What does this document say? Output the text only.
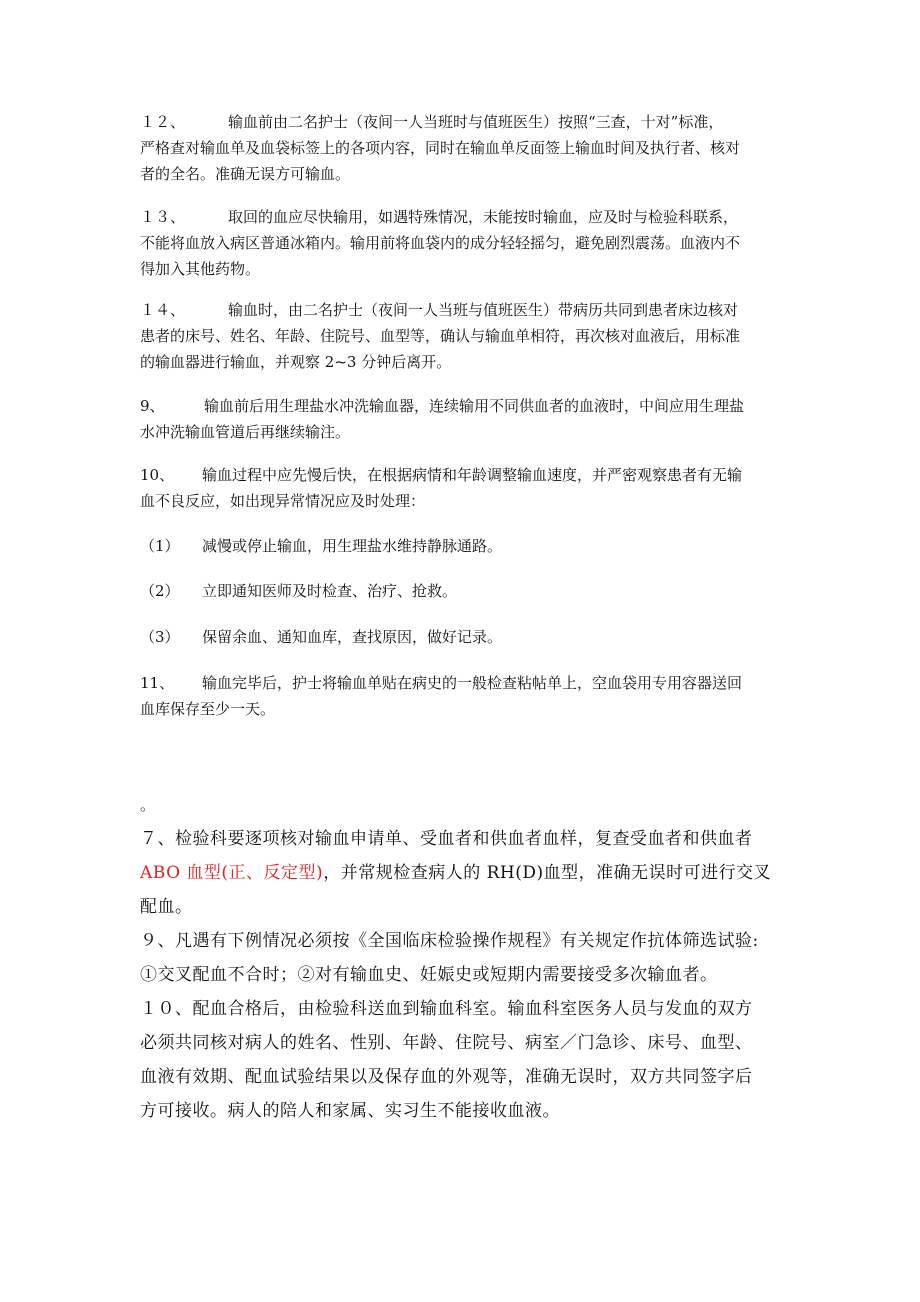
１２、	输血前由二名护士（夜间一人当班时与值班医生）按照“三查，十对”标准，
严格查对输血单及血袋标签上的各项内容，同时在输血单反面签上输血时间及执行者、核对
者的全名。准确无误方可输血。
１３、	取回的血应尽快输用，如遇特殊情况，未能按时输血，应及时与检验科联系，
不能将血放入病区普通冰箱内。输用前将血袋内的成分轻轻摇匀，避免剧烈震荡。血液内不
得加入其他药物。
１４、	输血时，由二名护士（夜间一人当班与值班医生）带病历共同到患者床边核对
患者的床号、姓名、年龄、住院号、血型等，确认与输血单相符，再次核对血液后，用标准
的输血器进行输血，并观察 2~3 分钟后离开。
9、	输血前后用生理盐水冲洗输血器，连续输用不同供血者的血液时，中间应用生理盐
水冲洗输血管道后再继续输注。
10、 输血过程中应先慢后快，在根据病情和年龄调整输血速度，并严密观察患者有无输
血不良反应，如出现异常情况应及时处理：
（1） 减慢或停止输血，用生理盐水维持静脉通路。
（2） 立即通知医师及时检查、治疗、抢救。
（3） 保留余血、通知血库，查找原因，做好记录。
11、 输血完毕后，护士将输血单贴在病史的一般检查粘帖单上，空血袋用专用容器送回
血库保存至少一天。
。
７、检验科要逐项核对输血申请单、受血者和供血者血样，复查受血者和供血者
ABO 血型(正、反定型)，并常规检查病人的 RH(D)血型，准确无误时可进行交叉
配血。
９、凡遇有下例情况必须按《全国临床检验操作规程》有关规定作抗体筛选试验:
①交叉配血不合时；②对有输血史、妊娠史或短期内需要接受多次输血者。
１０、配血合格后，由检验科送血到输血科室。输血科室医务人员与发血的双方
必须共同核对病人的姓名、性别、年龄、住院号、病室／门急诊、床号、血型、
血液有效期、配血试验结果以及保存血的外观等，准确无误时，双方共同签字后
方可接收。病人的陪人和家属、实习生不能接收血液。
